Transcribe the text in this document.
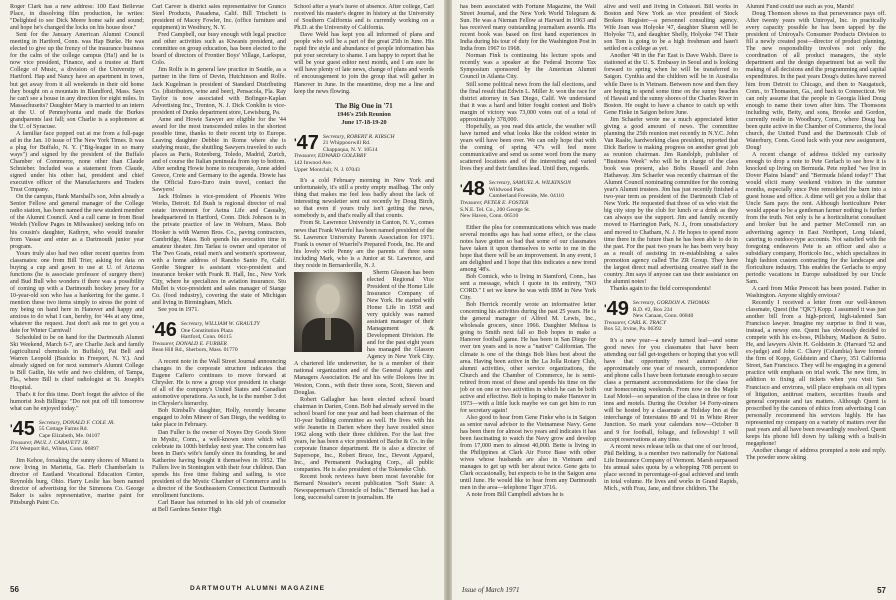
Roger Clark has a new address: 100 East Bellevue Place, in dissolving film production, he writes: "Delighted to see Dick Meere home safe and sound; and hope he's changed the locks on his house door."

Sent for the January American Alumni Council meeting in Hartford, Conn. was Hap Burke. He was elected to give up the frenzy of the insurance business for the calm of the college campus (Ha!) and he is now vice president, Finance, and a trustee at Hartt College of Music, a division of the University of Hartford. Hap and Nancy have an apartment in town, but get away from it all weekends in their old home they bought on a mountain in Blandford, Mass. Says he can't see a house in any direction for eight miles. In Massachusetts? Daughter Mary is married to an intern at the U. of Pennsylvania and made the Burkes grandparents last fall; son Charlie is a sophomore at the U. of Syracuse.

A familiar face popped out at me from a full-page ad in the Jan. 10 issue of The New York Times. It was a plug for Buffalo, N. Y. ("Big-league in so many ways") and signed by the president of the Buffalo Chamber of Commerce, none other than Claude Schnieber. Included was a statement from Claude, signed under his other hat, president and chief executive officer of the Manufacturers and Traders Trust Company.

On the campus, Hank Marshall's son, John already a Senior Fellow and general manager of the College radio station, has been named the new student member of the Alumni Council. And a call came in from Brad Wedeh (Yellow Pages in Milwaukee) seeking info on his cousin's daughter, Kathryn, who would transfer from Vassar and enter as a Dartmouth junior year program.

Yours truly also had two other recent queries from classmates: one from Bill Trier, asking for data on buying a cup and gown to use at U. of Arizona functions (he is associate professor of surgery there) and Bud Bull who wonders if there was a possibility of coming up with a Dartmouth hockey jersey for a 10-year-old son who has a hankering for the game. I mention these two items simply to stress the point of my being on hand here in Hanover and happy and anxious to do what I can, hereby, for '44s at any time, whatever the request. Just don't ask me to get you a date for Winter Carnival!

Scheduled to be on hand for the Dartmouth Alumni Ski Weekend, March 6-7, are Charlie Jack and family (agricultural chemicals in Buffalo), Pat Bell and Warren Leopold (Busicks in Freeport, N. Y.). And already signed on for next summer's Alumni College is Bill Gatlin, his wife and two children, of Tampa, Fla., where Bill is chief radiologist at St. Joseph's Hospital.

That's it for this time. Don't forget the advice of the humorist Josh Billings: "Do not put off till tomorrow what can be enjoyed today."

'45 Secretary, DONALD F. COLE JR.
55 Cottage Farms Rd.
Cape Elizabeth, Me. 04107
Treasurer, PAUL J. CARAVETT JR.
274 Westport Rd., Wilton, Conn. 06897

Jim Kehoe, forsaking the sunny shores of Miami is now living in Marietta, Ga. Herb Chamberlain is director of Eastland Vocational Education Center, Reynolds burg, Ohio. Harry Leslie has been named director of advertising for the Simmons Co. George Baker is sales representative, marine paint for Pittsburgh Paint Co.

Carl Carver is district sales representative for Granco Steel Products, Pasadena, Calif. Bill Trischett is president of Macey Fowler, Inc. (office furniture and equipment) in Westbury, N. Y.

Fred Campbell, our busy enough with legal practice and other activities such as Kiwanis president, and committee on group education, has been elected to the board of directors of Frontier Boys' Village, Larkspur, Colo.

Jim Rolfe is in general law practice in Seattle, as a partner in the firm of Devin, Hutchinson and Rolfe. Jack Kugelman is president of Standard Distributing Co. (distributors, wine and beer), Pensacola, Fla. Ray Taylor is now associated with Bofinger-Kaplan Advertising Inc., Trenton, N. J. Dick Conklin is vice-president of Dunks department store, Lewisburg, Pa.

Anne and Howie Sawyer are eligible for the '44 award for the most transcended miles in the shortest possible time, thanks to their recent trip to Europe. Leaving daughter Debbie in Rome where she is studying music, the shuttling Sawyers traveled to such places as Paris, Rotenberg, Toledo, Madrid, Zurich, and of course the Italian peninsula from top to bottom. After sending Howie home to recuperate, Anne added Greece, Crete and Germany to the agenda. Howie has the Official Euro-Euro train travel, contact the Sawyers!

Jack Holmes is vice-president of Phoenix Wire Works, Detroit. Ed Bush is regional director of real estate investment for Aetna Life and Casualty, headquartered in Hartford, Conn. Dick Johnson is in the private practice of law in Woburn, Mass. Bob Hooker is with Warren Bros. Co., paving contractors, Cambridge, Mass. Bob spends his avocation time in amateur theater. Jim Tarlau is owner and operator of The Two Goats, retail men's and women's sportswear, with a home address of Rancho Santo Fe, Calif. Gordie Stegner is assistant vice-president and insurance broker with Frank B. Hall, Inc., New York City, where he specializes in aviation insurance. Stu Mullet is vice-president and sales manager of Stange Co. (food industry), covering the state of Michigan and living in Birmingham, Mich.

See you in 1971.

'46 Secretary, WILLIAM W. GRAULTY
One Constitution Plaza
Hartford, Conn. 06115
Treasurer, DONALD E. FURBER
Bean Hill Rd., Sherborn, Mass. 01770

A recent note in the Wall Street Journal announcing changes in the corporate structure indicates that Eugene Cafiero continues to move forward at Chrysler. He is now a group vice president in charge of all of the company's United States and Canadian automotive operations. As such, he is the number 3 dot in Chrysler's hierarchy.

Bob Kimball's daughter, Holly, recently became engaged to John Mineer of San Diego, the wedding to take place in February.

Dan Fuller is the owner of Noyes Dry Goods Store in Mystic, Conn., a well-known store which will celebrate its 100th birthday next year. The concern has been in Dan's wife's family since its founding, he and Katherine having bought it themselves in 1952. The Fullers live in Stonington with their four children. Dan spends his free time fishing and sailing, is vice president of the Mystic Chamber of Commerce and is a director of the Southeastern Connecticut Dartmouth enrollment functions.

Carl Bauer has returned to his old job of counselor at Bell Gardens Senior High

School after a year's leave of absence. After college, Carl received his master's degree in history at the University of Southern California and is currently working on a Ph.D. at the University of California.

Dave Weld has kept you all informed of plans and people who will be a part of the great 25th in June. His rapid fire style and abundance of people information has put your secretary to shame. I am happy to report that he will be your guest editor next month, and I am sure he will have plenty of late news, change of plans and words of encouragement to join the group that will gather in Hanover in June. In the meantime, drop me a line and keep the news flowing.

The Big One in '71
1946's 25th Reunion
June 17-18-19-20
'47 Secretary, ROBERT R. KIRSCH
21 Whippoorwill Rd.
Chappaqua, N. Y. 10514
Treasurer, EDWARD GOLEBBY
142 Inwood Ave.
Upper Montclair, N. J. 07043

It's a cold February morning in New York and unfortunately, it's still a pretty empty mailbag. The only thing that makes me feel less badly about the lack of interesting newsletter sent out recently by Doug Birch, so that even if yours truly isn't getting the news, somebody is, and that's really all that counts.

From St. Lawrence University in Canton, N. Y., comes news that Frank Wuerfel has been named president of the St. Lawrence University Parents Association for 1971. Frank is owner of Wuerfel's Prepared Foods, Inc. He and his lovely wife Penny are the parents of three sons including Mark, who is a Junior at St. Lawrence, and they reside in Bernardsville, N. J.

Sherm Gleason has been elected Regional Vice President of the Home Life Insurance Company of New York. He started with Home Life in 1958 and very quickly was named assistant manager of their Management & Development Division. He and for the past eight years has managed the Glasson Agency in New York City. A chartered life underwriter, he is a member of their national organization and of the General Agents and Managers Association. He and his wife Dolores live in Weston, Conn., with their three sons, Scott, Steven and Douglas.

Robert Gallagher has been elected school board chairman in Darien, Conn. Bob had already served in the school board for one year and had been chairman of the 10-year building committee as well. He lives with his wife Jeanette in Darien where they have resided since 1962 along with their three children. For the last five years, he has been a vice president of Bache & Co. in the corporate finance department. He is also a director of Supersope, Inc., Robert Bruce, Inc., Devont Apparel, Inc., and Permanent Packaging Corp., all public companies. He is also president of the Tokeneke Club.

Recent book reviews have been most favorable for Bernard Nossiter's recent publication "Soft State: A Newspaperman's Chronicle of India." Bernard has had a long, successful career in journalism. He

56	DARTMOUTH ALUMNI MAGAZINE

has been associated with Fortune Magazine, the Wall Street Journal, and the New York World Telegram & Sun. He was a Nieman Fellow at Harvard in 1963 and has received many outstanding journalism awards. His recent book was based on first hand experiences in India during his tour of duty for the Washington Post in India from 1967 to 1968.

Norman Fink is continuing his lecture spots and recently was a speaker at the Federal Income Tax Symposium sponsored by the American Alumni Council in Atlanta City.

Still some political news from the fall elections, and the final result that Edwin L. Miller Jr. won the race for district attorney in San Diego, Calif. We understand that it was a hard and bitter fought contest and Bob's margin of victory was 73,000 votes out of a total of approximately 378,000.

Hopefully, as you read this article, the weather will have turned and what looks like the coldest winter in years will have been over. We can only hope that with the coming of spring '47's will feel more communicative and send us some word from the many scattered locations and of the interesting and varied lives they and their families lead. Until then, regards.

'48 Secretary, SAMUEL A. WILKINSON
Wildwood Park
Cumberland Foreside, Me. 04110
Treasurer, PETER E. FOSTER
S.N.E. Tel. Co., 200 George St.
New Haven, Conn. 06510

Either the plea for communications which was made several months ago has had some effect, or the class notes have gotten so bad that some of our classmates have taken it upon themselves to write to me in the hope that there will be an improvement. In any event, I am delighted and I hope that this indicates a new trend among '48's.

Bob Comick, who is living in Stamford, Conn., has sent a message, which I quote in its entirety, "NO CORD." I set we knew he was with IBM in New York City.

Bob Herrick recently wrote an informative letter concerning his activities during the past 25 years. He is the general manager of Alfred M. Lewis, Inc., wholesale grocers, since 1966. Daughter Melissa is going to Smith next fall so Bob hopes to make a Hanover football game. He has been in San Diego for over ten years and is now a "native" Californian. The climate is one of the things Bob likes best about the area. Having been active in the La Jolla Rotary Club, alumni activities, other service organizations, the Church and the Chamber of Commerce, he is semi-retired from most of these and spends his time on the job or on one or two activities in which he can be both active and effective. Bob is hoping to make Hanover in 1973—with a little luck maybe we can get him to run for secretary again!

Also good to hear from Gene Finke who is in Saigon as senior naval advisor to the Vietnamese Navy. Gene has been there for almost two years and indicates it has been fascinating to watch the Navy grow and develop from 17,000 men to almost 40,000. Bette is living in the Philippines at Clark Air Force Base with other wives whose husbands are also in Vietnam and manages to get up with her about twice. Gene gets to Clark occasionally, but expects to be in the Saigon area until June. He would like to hear from any Dartmouth men in the area—telephone Tiger 3716.

A note from Bill Campbell advises he is

alive and well and living in Cohasset. Bill works in Boston and New York as vice president of Stock Brokers Register—a personnel consulting agency. Wife Joan was Holyoke '47, daughter Sharon will be Holyoke '73, and daughter Shelly, Holyoke '74! Their son Tom is going to be a high freshman and hasn't settled on a college as yet.

Another '48 in the Far East is Dave Walsh. Dave is stationed at the U. S. Embassy in Seoul and is looking forward to spring when he will be transferred to Saigon. Cynthia and the children will be in Australia while Dave is in Vietnam. Between now and then they are hoping to spend some time on the sunny beaches of Hawaii and the sunny shores of the Charles River in Boston. He ought to have a chance to catch up with Gene Finke in Saigon before June.

Jim Schaefer wrote me a much appreciated letter giving a good amount of news. The committee planning the 25th reunion met recently in N.Y.C. John Van Raalte, hardworking class president, reported that Dick Barlow is making progress on another great job as reunion chairman. Jim Randolph, publisher of "Business Week" who will be in charge of the class book was present, also Bobs Russell and John Hathaway. Jim Schaefer was recently chairman of the Alumni Council nominating committee for the coming year's Alumni trustees. Jim has just recently finished a two-year term as president of the Dartmouth Club of New York. He requested that those of us who visit the big city stop by the club for lunch or a drink as they can always use the support. Jim and family recently moved to Harrington Park, N. J., from unsatisfactory and moved to Chatham, N. J. He hopes to spend more time there in the future than he has been able to do in the past. For the past two years he has been very busy as a result of assisting in re-establishing a sales promotion agency called The ZR Group. They have the largest direct mail advertising creative staff in the country. Jim says if anyone can use their assistance on the alumni notes!

Thanks again to the field correspondents!

'49 Secretary, GORDON A. THOMAS
R.D. #2, Box 234
New Canaan, Conn. 06840
Treasurer, CARL K. TRACY
Box 52, Irvine, Pa. 06392

It's a new year—a newly turned leaf—and some good news for you classmates that have been attending our fall get-togethers or hoping that you will have that opportunity next autumn! After approximately one year of research, correspondence and phone calls I have been fortunate enough to secure class a permanent accommodations for the class for our homecoming weekends. From now on the Maple Leaf Motel—so separation of the class in three or four inns and motels. During the October 14 Forty-niners will be hosted by a classmate at Holiday Inn at the interchange of Interstates 89 and 91 in White River Junction. So mark your calendars now—October 8 and 9 for football, foliage, and fellowship! I will accept reservations at any time.

A recent news release tells us that one of our brood, Phil Belding, is a member two nationally for National Life Insurance Company of Vermont. Marsh surpassed his annual sales quota by a whopping 708 percent to place second in percentage-of-goal achieved and tenth in total volume. He lives and works in Grand Rapids, Mich., with Frau, Jane, and three children. The

Alumni Fund could use such as you, Marsh!

Doug Thomson shows us that perseverance pays off. After twenty years with Uniroyal, Inc. in practically every capacity possible he has been tapped by the president of Uniroyal's Consumer Products Division to fill a newly created post—director of product planning. The new responsibility involves not only the coordination of all product managers, the style department and the design department but as well the making of all decisions and the programming and capital expenditures. In the past years Doug's duties have moved him from Detroit to Chicago, and then to Naugatuck, Conn., to Thomaston, Ga., and back to Connecticut. We can only assume that the people in Georgia liked Doug enough to name their town after him. The Thomsons including wife, Betty, and sons, Brooke and Gordon, currently reside in Woodbury, Conn., where Doug has been quite active in the Chamber of Commerce, the local church, the United Fund and the Dartmouth Club of Waterbury, Conn. Good luck with your new assignment, Doug!

A recent change of address tickled my curiosity enough to drop a note to Pete Gerlach to see how it is knocked up living on Bermuda. Pete replied "we live in Dover Plains Island" and "Bermuda Island today!" That would elicit many weekend visitors in the summer months, especially since Pete remodeled the barn into a guest house and office. A dime will get you a dollar that Uncle Sam pays the rent. Although horticulture Peter would appear to be a gentleman farmer nothing is further from the truth. Not only is he a horticulturist consultant and broker but he and partner McConnell run an advertising agency in East Northport, Long Island, catering to outdoor-type accounts. Not satisfied with the foregoing endeavors Pete is an officer and also a subsidiary company, Horticolo Inc., which specializes in high fashion custom contracting for the landscape and floriculture industry. This enables the Gerlachs to enjoy periodic vacations in Europe subsidized by our Uncle Sam.

A card from Mike Prescott has been posted. Father in Washington. Anyone slightly envious?

Recently I received a letter from our well-known classmate, Quest (the "QK") Kopp. I assumed it was just another bill from a high-priced, high-talented San Francisco lawyer. Imagine my surprise to find it was, instead, a newsy one. Quent has obviously decided to compete with his ex-boss, Pillsbury, Madison & Sutro. He, and lawyers Alvin H. Goldstein Jr. (Harvard '52 and ex-judge) and John C. Chavy (Columbia) have formed the firm of Kopp, Goldstein and Chavy, 351 California Street, San Francisco. They will be engaging in a general practice with emphasis on trial work. The new firm, in addition to fixing all tickets when you visit San Francisco and environs, will place emphasis on all types of litigation, antitrust matters, securities frauds and general corporate and tax matters. Although Quent is proscribed by the canons of ethics from advertising I can personally recommend his services highly. He has represented my company on a variety of matters over the past years and all have been rewardingly resolved. Quent keeps his phone bill down by talking with a built-in megaphone!

Another change of address prompted a note and reply. The powder snow skiing

Issue of March 1971	57
